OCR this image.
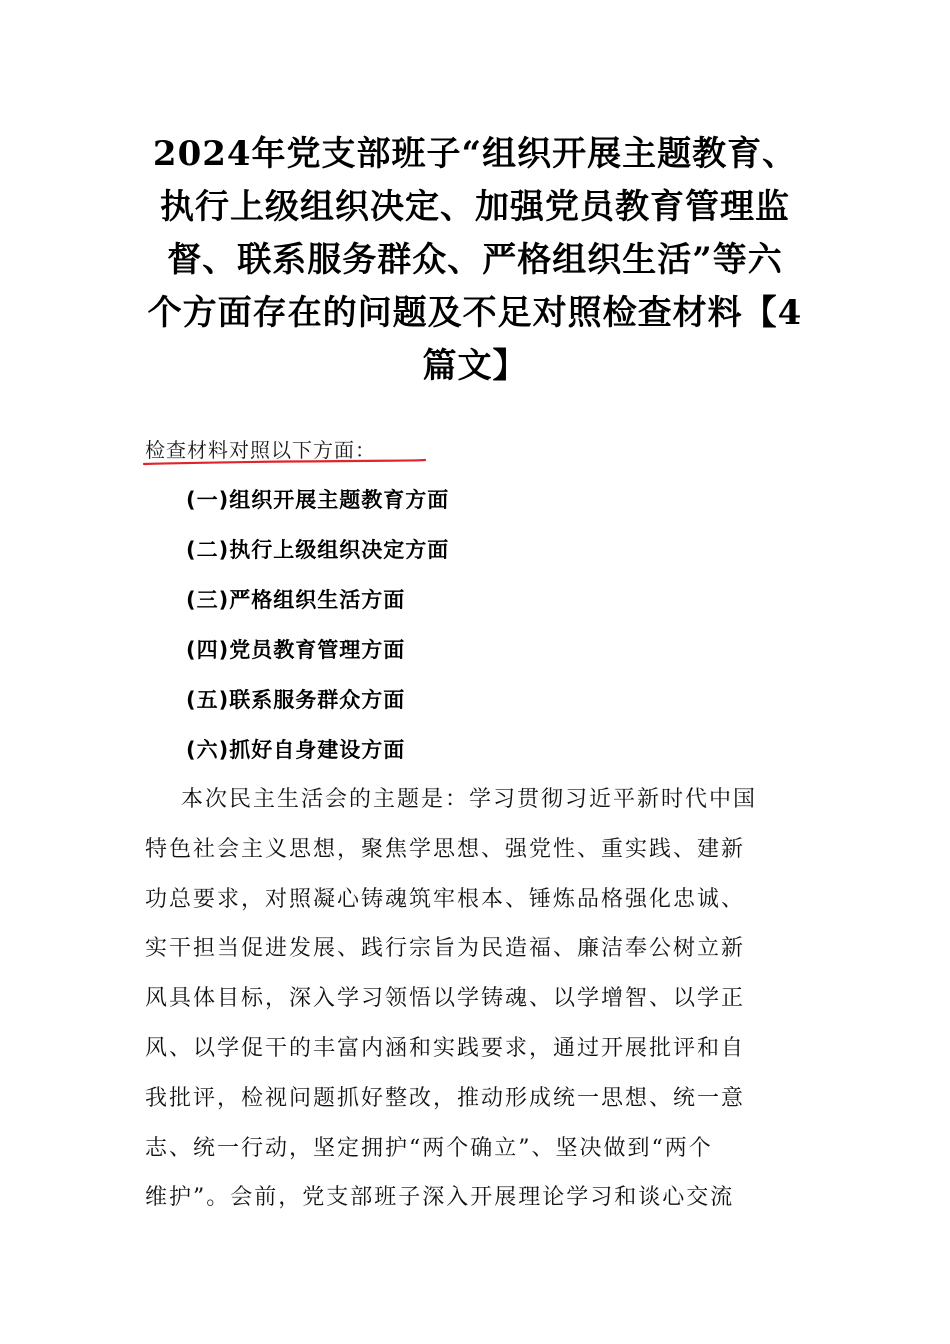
2024年党支部班子“组织开展主题教育、
执行上级组织决定、加强党员教育管理监
督、联系服务群众、严格组织生活”等六
个方面存在的问题及不足对照检查材料【4
篇文】
检查材料对照以下方面：
(一)组织开展主题教育方面
(二)执行上级组织决定方面
(三)严格组织生活方面
(四)党员教育管理方面
(五)联系服务群众方面
(六)抓好自身建设方面
本次民主生活会的主题是：学习贯彻习近平新时代中国
特色社会主义思想，聚焦学思想、强党性、重实践、建新
功总要求，对照凝心铸魂筑牢根本、锤炼品格强化忠诚、
实干担当促进发展、践行宗旨为民造福、廉洁奉公树立新
风具体目标，深入学习领悟以学铸魂、以学增智、以学正
风、以学促干的丰富内涵和实践要求，通过开展批评和自
我批评，检视问题抓好整改，推动形成统一思想、统一意
志、统一行动，坚定拥护“两个确立”、坚决做到“两个
维护”。会前，党支部班子深入开展理论学习和谈心交流
